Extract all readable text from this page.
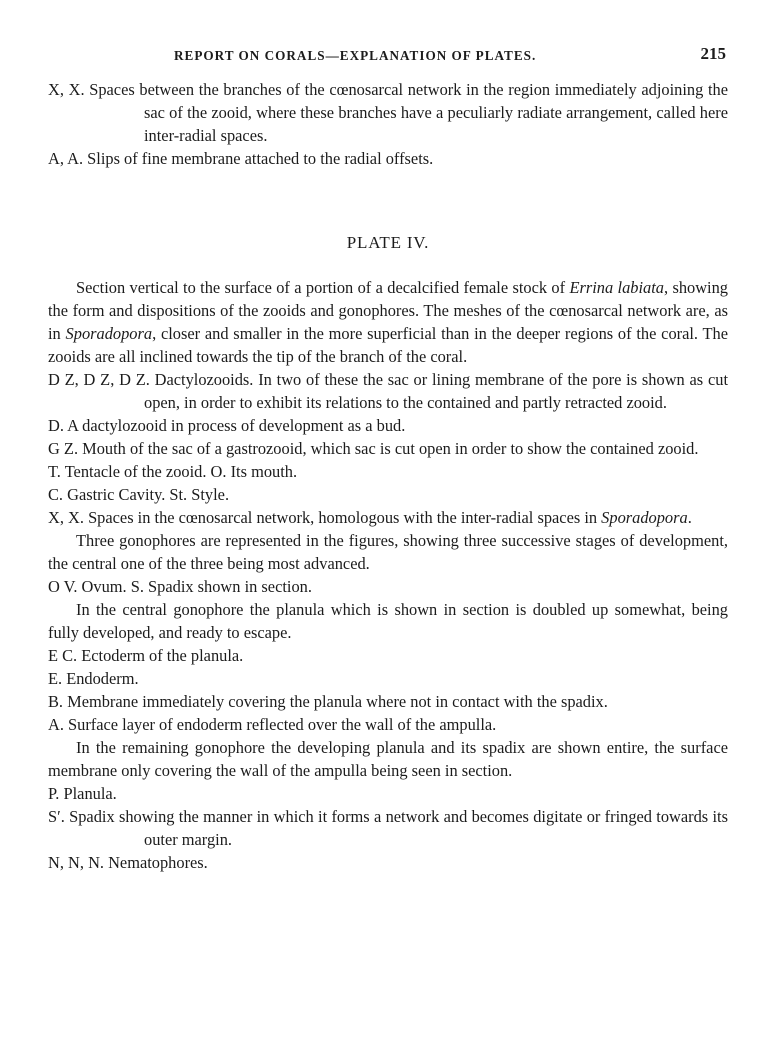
REPORT ON CORALS—EXPLANATION OF PLATES.	215

X, X. Spaces between the branches of the cœnosarcal network in the region immediately adjoining the sac of the zooid, where these branches have a peculiarly radiate arrangement, called here inter-radial spaces.

A, A. Slips of fine membrane attached to the radial offsets.

PLATE IV.

Section vertical to the surface of a portion of a decalcified female stock of Errina labiata, showing the form and dispositions of the zooids and gonophores. The meshes of the cœnosarcal network are, as in Sporadopora, closer and smaller in the more superficial than in the deeper regions of the coral. The zooids are all inclined towards the tip of the branch of the coral.

D Z, D Z, D Z. Dactylozooids. In two of these the sac or lining membrane of the pore is shown as cut open, in order to exhibit its relations to the contained and partly retracted zooid.

D. A dactylozooid in process of development as a bud.

G Z. Mouth of the sac of a gastrozooid, which sac is cut open in order to show the contained zooid.

T. Tentacle of the zooid. O. Its mouth.

C. Gastric Cavity. St. Style.

X, X. Spaces in the cœnosarcal network, homologous with the inter-radial spaces in Sporadopora.

Three gonophores are represented in the figures, showing three successive stages of development, the central one of the three being most advanced.

O V. Ovum. S. Spadix shown in section.

In the central gonophore the planula which is shown in section is doubled up somewhat, being fully developed, and ready to escape.

E C. Ectoderm of the planula.

E. Endoderm.

B. Membrane immediately covering the planula where not in contact with the spadix.

A. Surface layer of endoderm reflected over the wall of the ampulla.

In the remaining gonophore the developing planula and its spadix are shown entire, the surface membrane only covering the wall of the ampulla being seen in section.

P. Planula.

S′. Spadix showing the manner in which it forms a network and becomes digitate or fringed towards its outer margin.

N, N, N. Nematophores.
